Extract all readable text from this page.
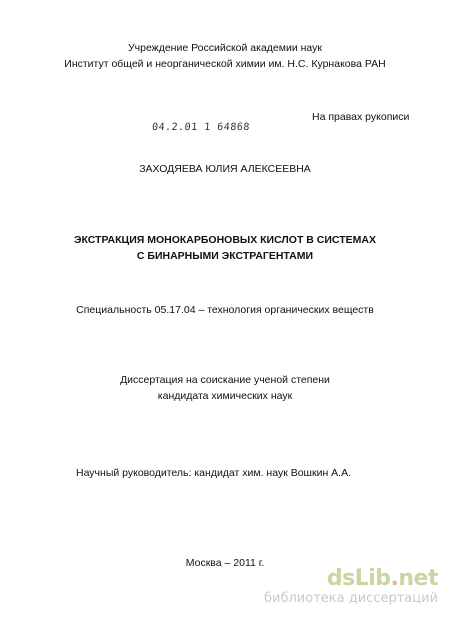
Учреждение Российской академии наук
Институт общей и неорганической химии им. Н.С. Курнакова РАН
04.2.01 1 64868
На правах рукописи
ЗАХОДЯЕВА ЮЛИЯ АЛЕКСЕЕВНА
ЭКСТРАКЦИЯ МОНОКАРБОНОВЫХ КИСЛОТ В СИСТЕМАХ
С БИНАРНЫМИ ЭКСТРАГЕНТАМИ
Специальность 05.17.04 – технология органических веществ
Диссертация на соискание ученой степени
кандидата химических наук
Научный руководитель: кандидат хим. наук Вошкин А.А.
Москва – 2011 г.
dsLib.net
библиотека диссертаций
